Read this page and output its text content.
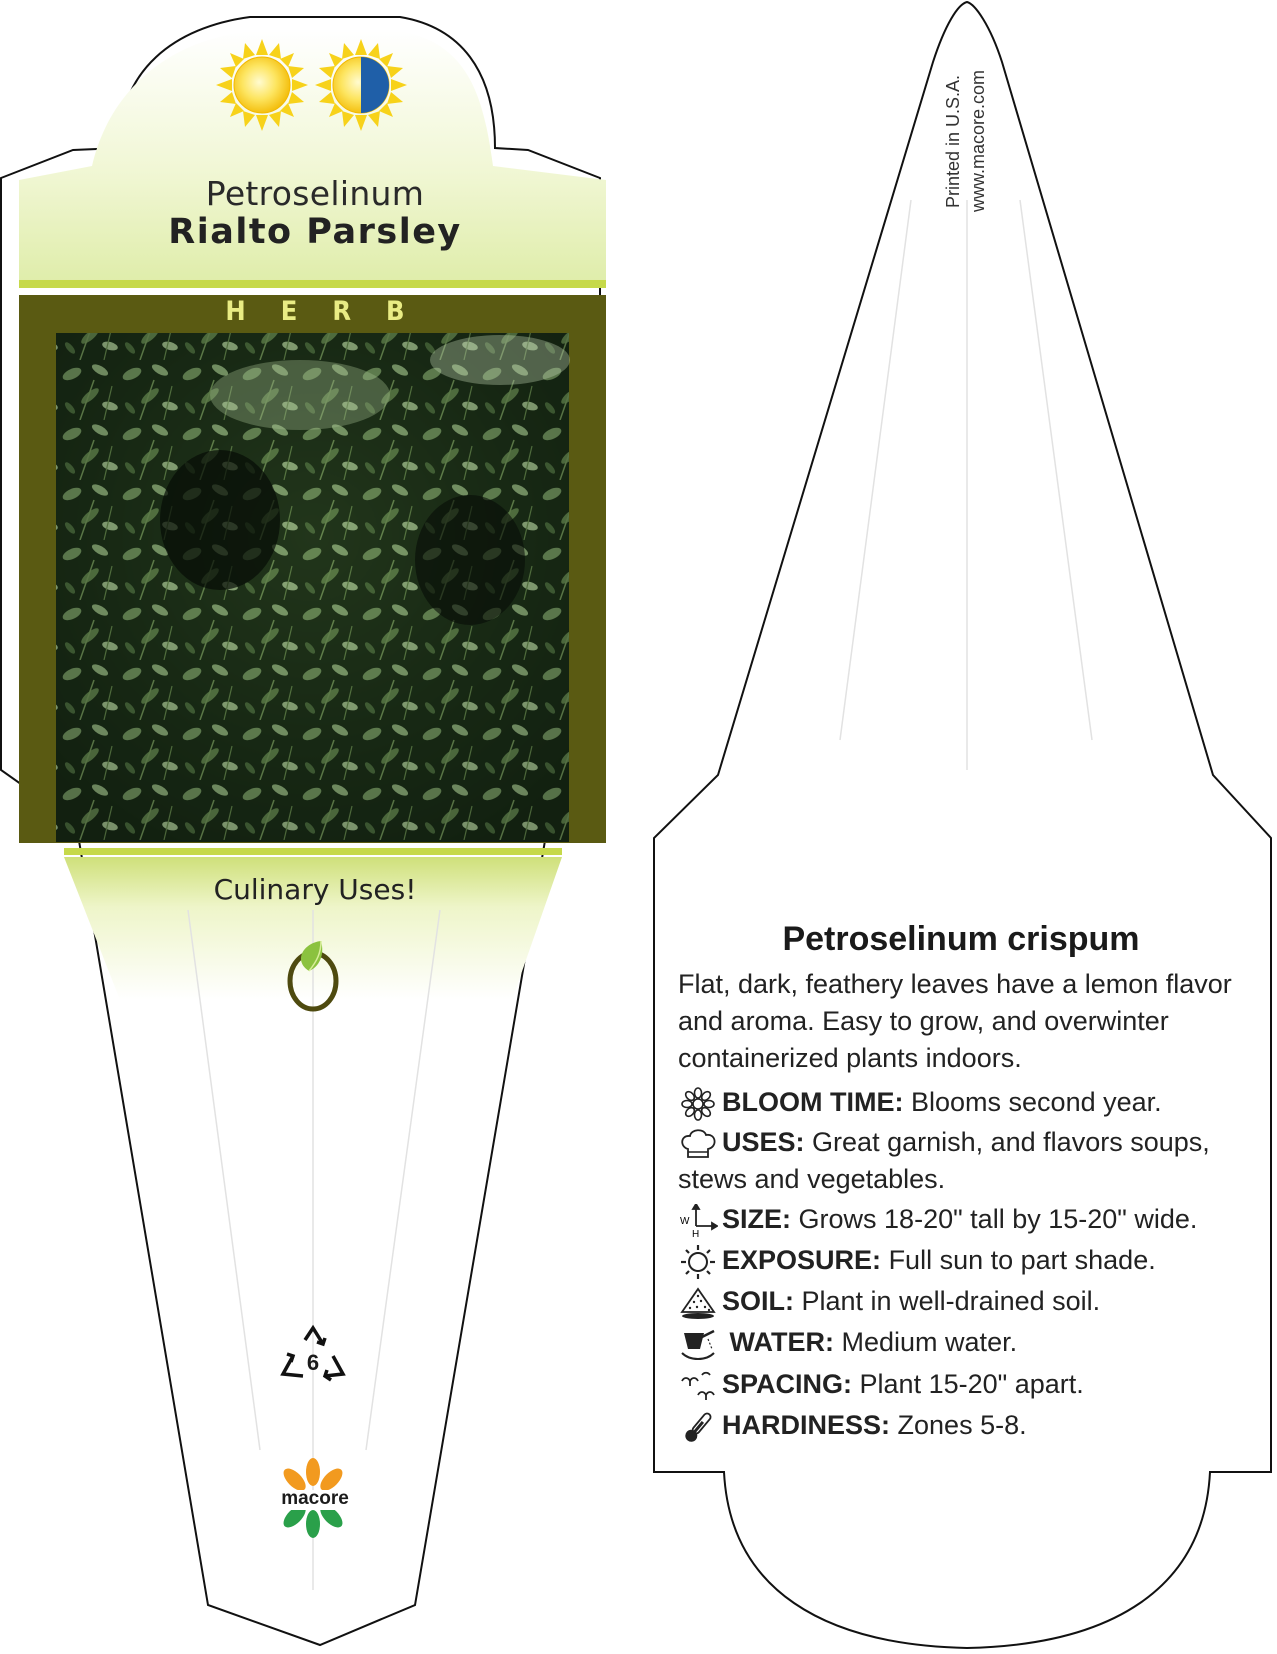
Petroselinum
Rialto Parsley
HERB
Culinary Uses!
6
macore
Printed in U.S.A. www.macore.com
Petroselinum crispum
Flat, dark, feathery leaves have a lemon flavor and aroma. Easy to grow, and overwinter containerized plants indoors.
BLOOM TIME: Blooms second year.
USES: Great garnish, and flavors soups, stews and vegetables.
W
H
SIZE: Grows 18-20" tall by 15-20" wide.
EXPOSURE: Full sun to part shade.
SOIL: Plant in well-drained soil.
WATER: Medium water.
SPACING: Plant 15-20" apart.
HARDINESS: Zones 5-8.
